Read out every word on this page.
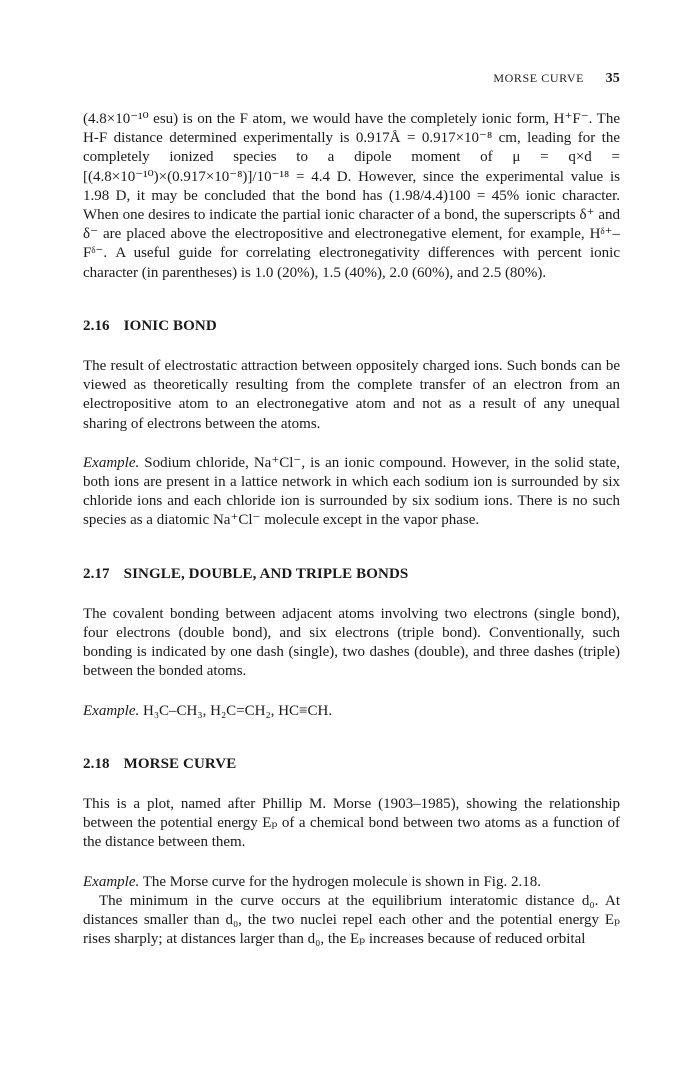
MORSE CURVE 35

(4.8×10⁻¹⁰ esu) is on the F atom, we would have the completely ionic form, H⁺F⁻. The H-F distance determined experimentally is 0.917Å = 0.917×10⁻⁸ cm, leading for the completely ionized species to a dipole moment of μ = q×d = [(4.8×10⁻¹⁰)×(0.917×10⁻⁸)]/10⁻¹⁸ = 4.4 D. However, since the experimental value is 1.98 D, it may be concluded that the bond has (1.98/4.4)100 = 45% ionic character. When one desires to indicate the partial ionic character of a bond, the superscripts δ⁺ and δ⁻ are placed above the electropositive and electronegative element, for example, Hᵟ⁺–Fᵟ⁻. A useful guide for correlating electronegativity differences with percent ionic character (in parentheses) is 1.0 (20%), 1.5 (40%), 2.0 (60%), and 2.5 (80%).

2.16 IONIC BOND

The result of electrostatic attraction between oppositely charged ions. Such bonds can be viewed as theoretically resulting from the complete transfer of an electron from an electropositive atom to an electronegative atom and not as a result of any unequal sharing of electrons between the atoms.

Example. Sodium chloride, Na⁺Cl⁻, is an ionic compound. However, in the solid state, both ions are present in a lattice network in which each sodium ion is surrounded by six chloride ions and each chloride ion is surrounded by six sodium ions. There is no such species as a diatomic Na⁺Cl⁻ molecule except in the vapor phase.

2.17 SINGLE, DOUBLE, AND TRIPLE BONDS

The covalent bonding between adjacent atoms involving two electrons (single bond), four electrons (double bond), and six electrons (triple bond). Conventionally, such bonding is indicated by one dash (single), two dashes (double), and three dashes (triple) between the bonded atoms.

Example. H₃C–CH₃, H₂C=CH₂, HC≡CH.

2.18 MORSE CURVE

This is a plot, named after Phillip M. Morse (1903–1985), showing the relationship between the potential energy Eₚ of a chemical bond between two atoms as a function of the distance between them.

Example. The Morse curve for the hydrogen molecule is shown in Fig. 2.18.

The minimum in the curve occurs at the equilibrium interatomic distance d₀. At distances smaller than d₀, the two nuclei repel each other and the potential energy Eₚ rises sharply; at distances larger than d₀, the Eₚ increases because of reduced orbital
